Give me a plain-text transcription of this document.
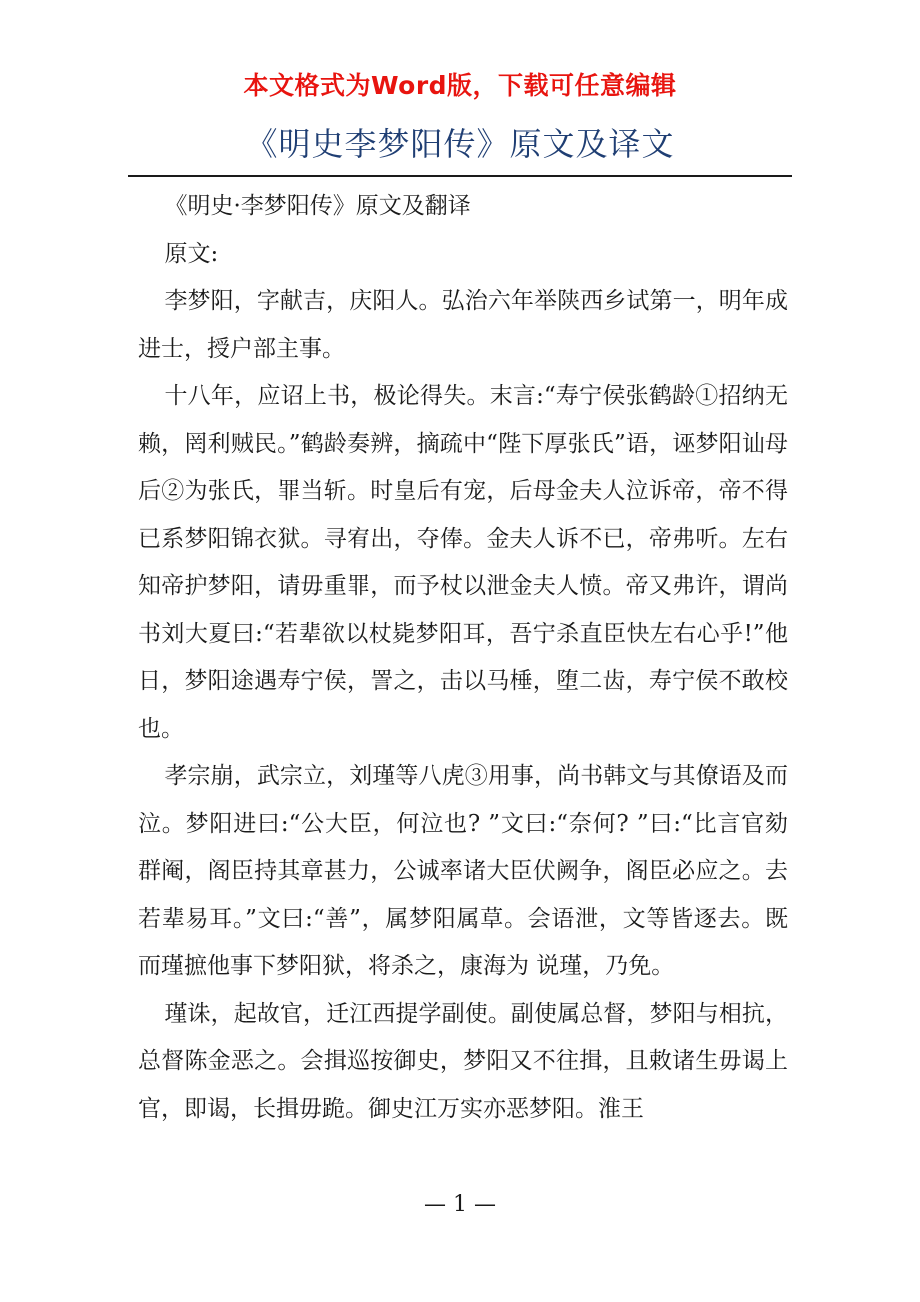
本文格式为Word版，下载可任意编辑
《明史李梦阳传》原文及译文

《明史·李梦阳传》原文及翻译

原文:

李梦阳，字献吉，庆阳人。弘治六年举陕西乡试第一，明年成进士，授户部主事。

十八年，应诏上书，极论得失。末言:“寿宁侯张鹤龄①招纳无赖，罔利贼民。”鹤龄奏辨，摘疏中“陛下厚张氏”语，诬梦阳讪母后②为张氏，罪当斩。时皇后有宠，后母金夫人泣诉帝，帝不得已系梦阳锦衣狱。寻宥出，夺俸。金夫人诉不已，帝弗听。左右知帝护梦阳，请毋重罪，而予杖以泄金夫人愤。帝又弗许，谓尚书刘大夏曰:“若辈欲以杖毙梦阳耳，吾宁杀直臣快左右心乎!”他日，梦阳途遇寿宁侯，詈之，击以马棰，堕二齿，寿宁侯不敢校也。

孝宗崩，武宗立，刘瑾等八虎③用事，尚书韩文与其僚语及而泣。梦阳进曰:“公大臣，何泣也? ”文曰:“奈何? ”曰:“比言官劾群阉，阁臣持其章甚力，公诚率诸大臣伏阙争，阁臣必应之。去若辈易耳。”文曰:“善”，属梦阳属草。会语泄，文等皆逐去。既而瑾摭他事下梦阳狱，将杀之，康海为 说瑾，乃免。

瑾诛，起故官，迁江西提学副使。副使属总督，梦阳与相抗，总督陈金恶之。会揖巡按御史，梦阳又不往揖，且敕诸生毋谒上官，即谒，长揖毋跪。御史江万实亦恶梦阳。淮王

— 1 —
